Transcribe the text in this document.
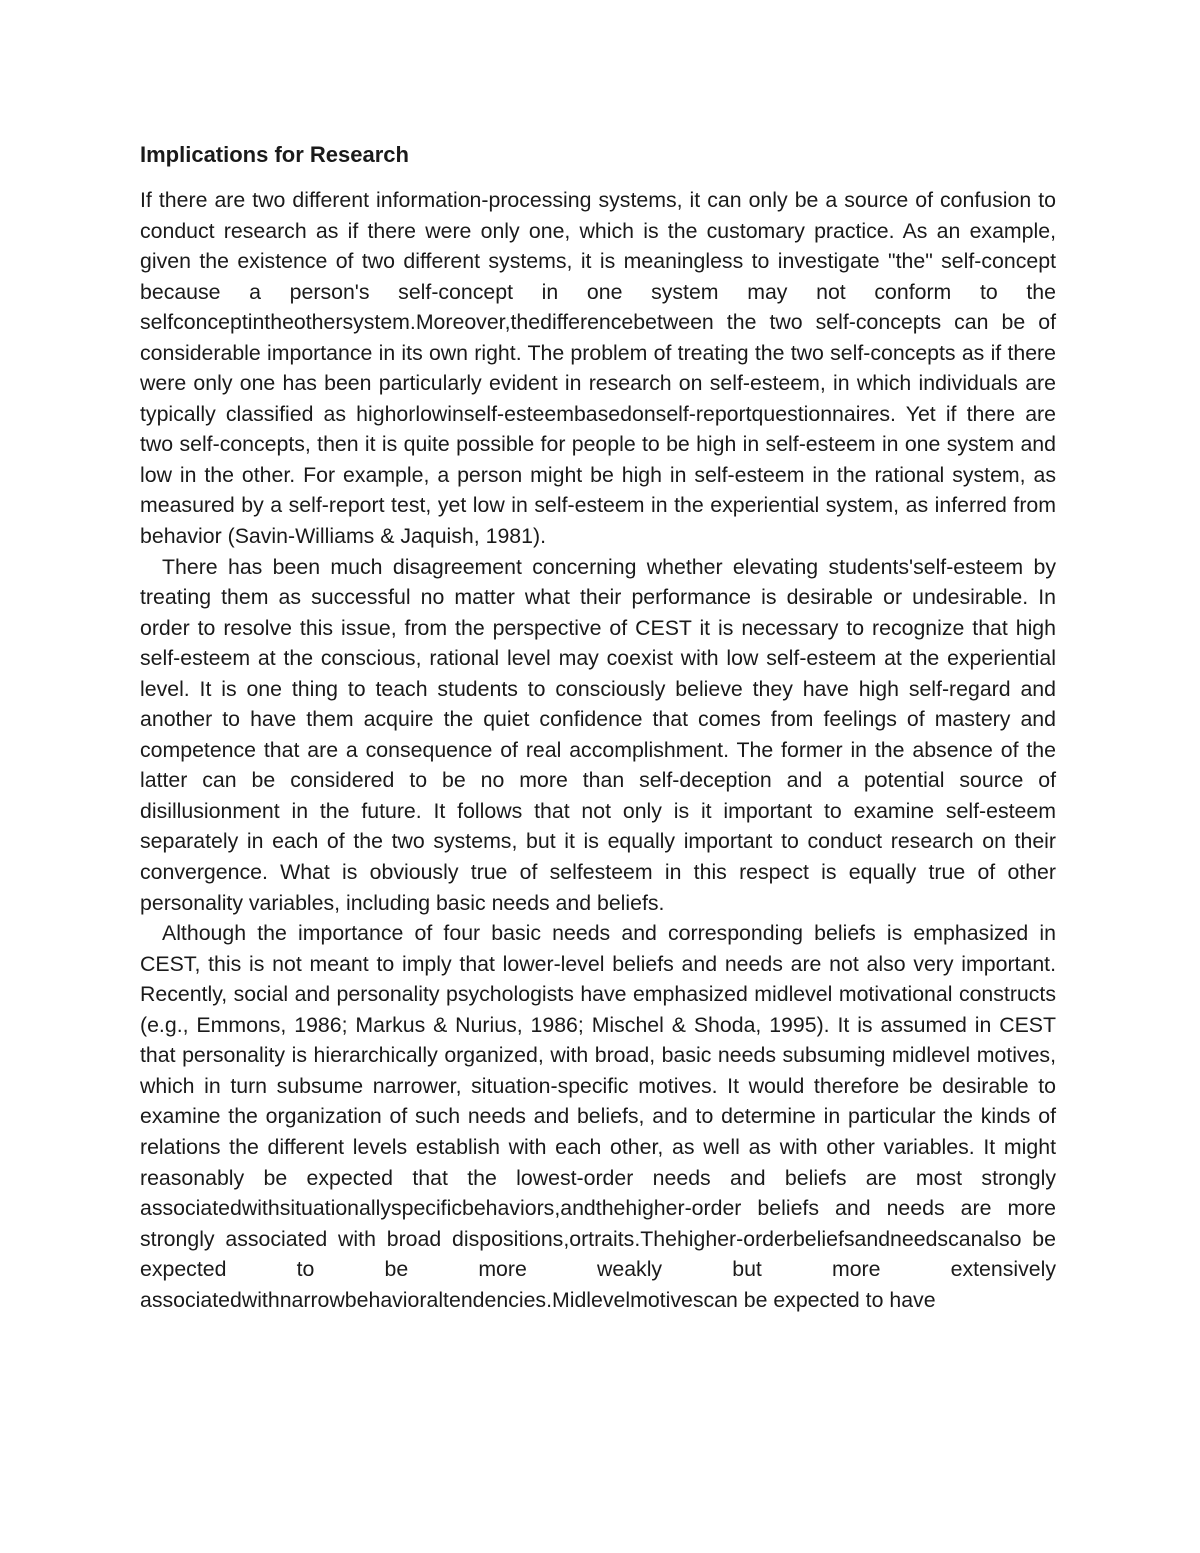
Implications for Research

If there are two different information-processing systems, it can only be a source of confusion to conduct research as if there were only one, which is the customary practice. As an example, given the existence of two different systems, it is meaningless to investigate "the" self-concept because a person's self-concept in one system may not conform to the selfconceptintheothersystem.Moreover,thedifferencebetween the two self-concepts can be of considerable importance in its own right. The problem of treating the two self-concepts as if there were only one has been particularly evident in research on self-esteem, in which individuals are typically classified as highorlowinself-esteembasedonself-reportquestionnaires. Yet if there are two self-concepts, then it is quite possible for people to be high in self-esteem in one system and low in the other. For example, a person might be high in self-esteem in the rational system, as measured by a self-report test, yet low in self-esteem in the experiential system, as inferred from behavior (Savin-Williams & Jaquish, 1981).

There has been much disagreement concerning whether elevating students'self-esteem by treating them as successful no matter what their performance is desirable or undesirable. In order to resolve this issue, from the perspective of CEST it is necessary to recognize that high self-esteem at the conscious, rational level may coexist with low self-esteem at the experiential level. It is one thing to teach students to consciously believe they have high self-regard and another to have them acquire the quiet confidence that comes from feelings of mastery and competence that are a consequence of real accomplishment. The former in the absence of the latter can be considered to be no more than self-deception and a potential source of disillusionment in the future. It follows that not only is it important to examine self-esteem separately in each of the two systems, but it is equally important to conduct research on their convergence. What is obviously true of selfesteem in this respect is equally true of other personality variables, including basic needs and beliefs.

Although the importance of four basic needs and corresponding beliefs is emphasized in CEST, this is not meant to imply that lower-level beliefs and needs are not also very important. Recently, social and personality psychologists have emphasized midlevel motivational constructs (e.g., Emmons, 1986; Markus & Nurius, 1986; Mischel & Shoda, 1995). It is assumed in CEST that personality is hierarchically organized, with broad, basic needs subsuming midlevel motives, which in turn subsume narrower, situation-specific motives. It would therefore be desirable to examine the organization of such needs and beliefs, and to determine in particular the kinds of relations the different levels establish with each other, as well as with other variables. It might reasonably be expected that the lowest-order needs and beliefs are most strongly associatedwithsituationallyspecificbehaviors,andthehigher-order beliefs and needs are more strongly associated with broad dispositions,ortraits.Thehigher-orderbeliefsandneedscanalso be expected to be more weakly but more extensively associatedwithnarrowbehavioraltendencies.Midlevelmotivescan be expected to have
